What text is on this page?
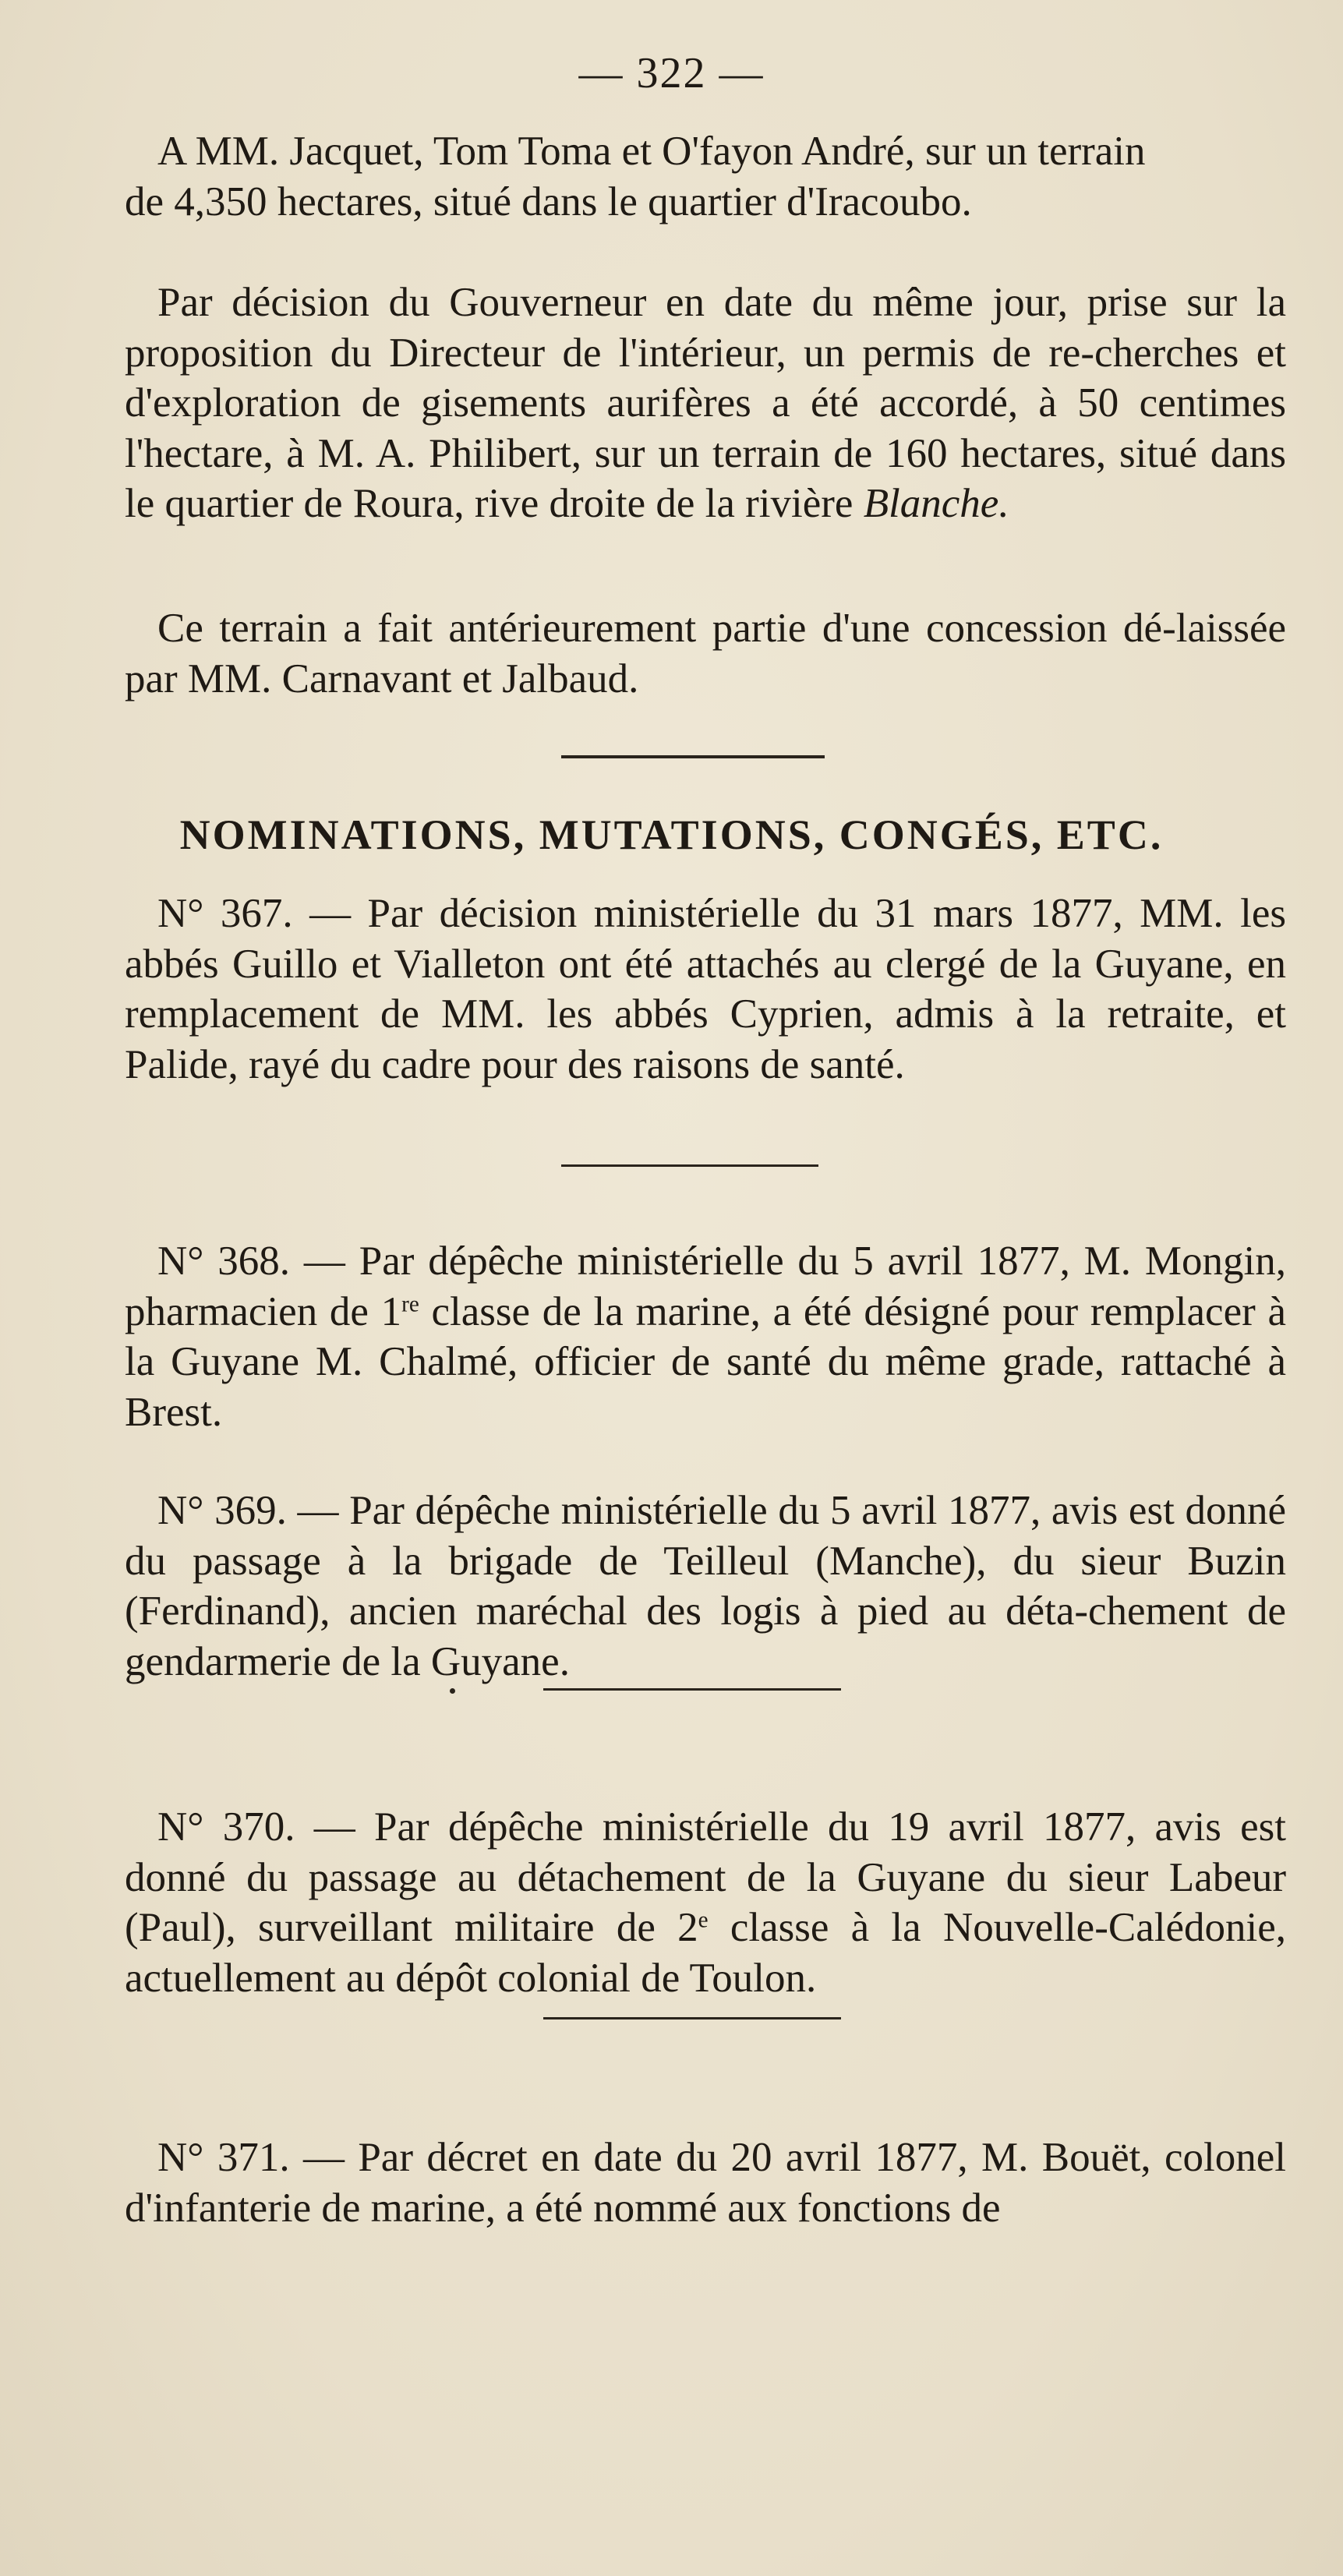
— 322 —

A MM. Jacquet, Tom Toma et O'fayon André, sur un terrain

de 4,350 hectares, situé dans le quartier d'Iracoubo.

Par décision du Gouverneur en date du même jour, prise sur la proposition du Directeur de l'intérieur, un permis de re-cherches et d'exploration de gisements aurifères a été accordé, à 50 centimes l'hectare, à M. A. Philibert, sur un terrain de 160 hectares, situé dans le quartier de Roura, rive droite de la rivière Blanche.

Ce terrain a fait antérieurement partie d'une concession dé-laissée par MM. Carnavant et Jalbaud.

NOMINATIONS, MUTATIONS, CONGÉS, ETC.

N° 367. — Par décision ministérielle du 31 mars 1877, MM. les abbés Guillo et Vialleton ont été attachés au clergé de la Guyane, en remplacement de MM. les abbés Cyprien, admis à la retraite, et Palide, rayé du cadre pour des raisons de santé.

N° 368. — Par dépêche ministérielle du 5 avril 1877, M. Mongin, pharmacien de 1re classe de la marine, a été désigné pour remplacer à la Guyane M. Chalmé, officier de santé du même grade, rattaché à Brest.

N° 369. — Par dépêche ministérielle du 5 avril 1877, avis est donné du passage à la brigade de Teilleul (Manche), du sieur Buzin (Ferdinand), ancien maréchal des logis à pied au déta-chement de gendarmerie de la Guyane.

N° 370. — Par dépêche ministérielle du 19 avril 1877, avis est donné du passage au détachement de la Guyane du sieur Labeur (Paul), surveillant militaire de 2e classe à la Nouvelle-Calédonie, actuellement au dépôt colonial de Toulon.

N° 371. — Par décret en date du 20 avril 1877, M. Bouët, colonel d'infanterie de marine, a été nommé aux fonctions de
